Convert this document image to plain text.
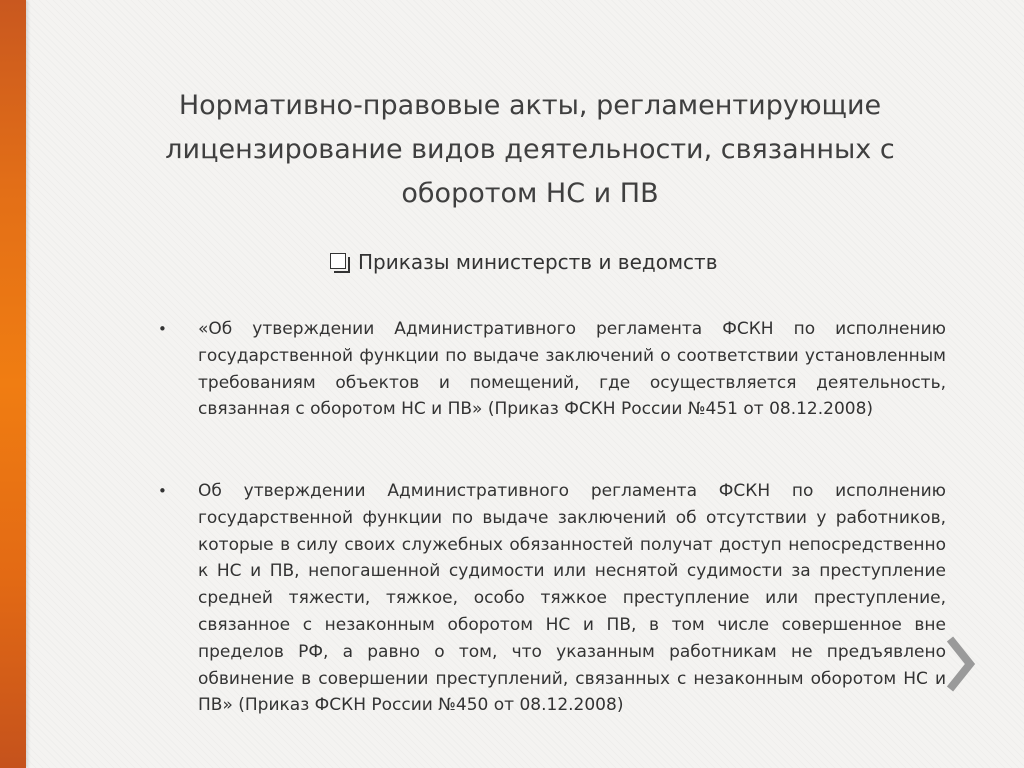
Нормативно-правовые акты, регламентирующие лицензирование видов деятельности, связанных с оборотом НС и ПВ
Приказы министерств и ведомств
• «Об утверждении Административного регламента ФСКН по исполнению государственной функции по выдаче заключений о соответствии установленным требованиям объектов и помещений, где осуществляется деятельность, связанная с оборотом НС и ПВ» (Приказ ФСКН России №451 от 08.12.2008)
• Об утверждении Административного регламента ФСКН по исполнению государственной функции по выдаче заключений об отсутствии у работников, которые в силу своих служебных обязанностей получат доступ непосредственно к НС и ПВ, непогашенной судимости или неснятой судимости за преступление средней тяжести, тяжкое, особо тяжкое преступление или преступление, связанное с незаконным оборотом НС и ПВ, в том числе совершенное вне пределов РФ, а равно о том, что указанным работникам не предъявлено обвинение в совершении преступлений, связанных с незаконным оборотом НС и ПВ» (Приказ ФСКН России №450 от 08.12.2008)
